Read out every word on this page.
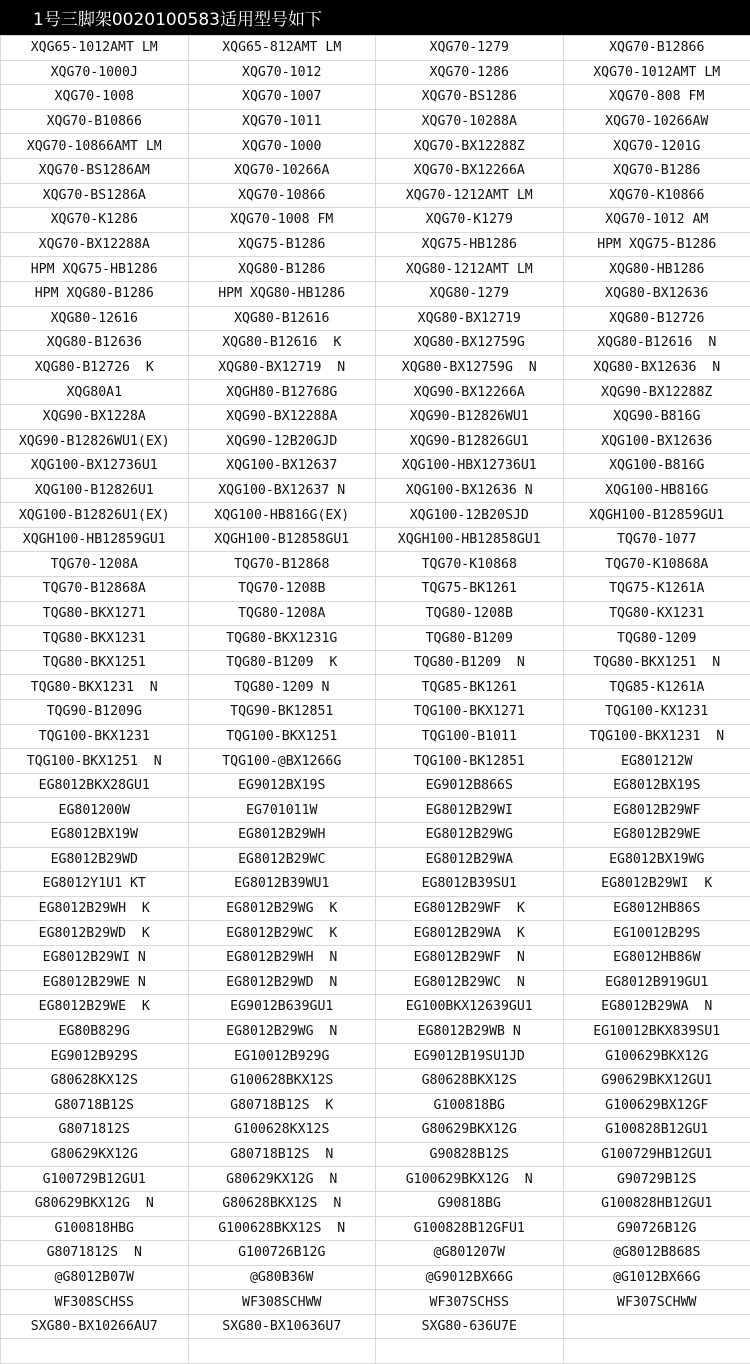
1号三脚架0020100583适用型号如下
XQG65-1012AMT LM	XQG65-812AMT LM	XQG70-1279	XQG70-B12866
XQG70-1000J	XQG70-1012	XQG70-1286	XQG70-1012AMT LM
XQG70-1008	XQG70-1007	XQG70-BS1286	XQG70-808 FM
XQG70-B10866	XQG70-1011	XQG70-10288A	XQG70-10266AW
XQG70-10866AMT LM	XQG70-1000	XQG70-BX12288Z	XQG70-1201G
XQG70-BS1286AM	XQG70-10266A	XQG70-BX12266A	XQG70-B1286
XQG70-BS1286A	XQG70-10866	XQG70-1212AMT LM	XQG70-K10866
XQG70-K1286	XQG70-1008 FM	XQG70-K1279	XQG70-1012 AM
XQG70-BX12288A	XQG75-B1286	XQG75-HB1286	HPM XQG75-B1286
HPM XQG75-HB1286	XQG80-B1286	XQG80-1212AMT LM	XQG80-HB1286
HPM XQG80-B1286	HPM XQG80-HB1286	XQG80-1279	XQG80-BX12636
XQG80-12616	XQG80-B12616	XQG80-BX12719	XQG80-B12726
XQG80-B12636	XQG80-B12616  K	XQG80-BX12759G	XQG80-B12616  N
XQG80-B12726  K	XQG80-BX12719  N	XQG80-BX12759G  N	XQG80-BX12636  N
XQG80A1	XQGH80-B12768G	XQG90-BX12266A	XQG90-BX12288Z
XQG90-BX1228A	XQG90-BX12288A	XQG90-B12826WU1	XQG90-B816G
XQG90-B12826WU1(EX)	XQG90-12B20GJD	XQG90-B12826GU1	XQG100-BX12636
XQG100-BX12736U1	XQG100-BX12637	XQG100-HBX12736U1	XQG100-B816G
XQG100-B12826U1	XQG100-BX12637 N	XQG100-BX12636 N	XQG100-HB816G
XQG100-B12826U1(EX)	XQG100-HB816G(EX)	XQG100-12B20SJD	XQGH100-B12859GU1
XQGH100-HB12859GU1	XQGH100-B12858GU1	XQGH100-HB12858GU1	TQG70-1077
TQG70-1208A	TQG70-B12868	TQG70-K10868	TQG70-K10868A
TQG70-B12868A	TQG70-1208B	TQG75-BK1261	TQG75-K1261A
TQG80-BKX1271	TQG80-1208A	TQG80-1208B	TQG80-KX1231
TQG80-BKX1231	TQG80-BKX1231G	TQG80-B1209	TQG80-1209
TQG80-BKX1251	TQG80-B1209  K	TQG80-B1209  N	TQG80-BKX1251  N
TQG80-BKX1231  N	TQG80-1209 N	TQG85-BK1261	TQG85-K1261A
TQG90-B1209G	TQG90-BK12851	TQG100-BKX1271	TQG100-KX1231
TQG100-BKX1231	TQG100-BKX1251	TQG100-B1011	TQG100-BKX1231  N
TQG100-BKX1251  N	TQG100-@BX1266G	TQG100-BK12851	EG801212W
EG8012BKX28GU1	EG9012BX19S	EG9012B866S	EG8012BX19S
EG801200W	EG701011W	EG8012B29WI	EG8012B29WF
EG8012BX19W	EG8012B29WH	EG8012B29WG	EG8012B29WE
EG8012B29WD	EG8012B29WC	EG8012B29WA	EG8012BX19WG
EG8012Y1U1 KT	EG8012B39WU1	EG8012B39SU1	EG8012B29WI  K
EG8012B29WH  K	EG8012B29WG  K	EG8012B29WF  K	EG8012HB86S
EG8012B29WD  K	EG8012B29WC  K	EG8012B29WA  K	EG10012B29S
EG8012B29WI N	EG8012B29WH  N	EG8012B29WF  N	EG8012HB86W
EG8012B29WE N	EG8012B29WD  N	EG8012B29WC  N	EG8012B919GU1
EG8012B29WE  K	EG9012B639GU1	EG100BKX12639GU1	EG8012B29WA  N
EG80B829G	EG8012B29WG  N	EG8012B29WB N	EG10012BKX839SU1
EG9012B929S	EG10012B929G	EG9012B19SU1JD	G100629BKX12G
G80628KX12S	G100628BKX12S	G80628BKX12S	G90629BKX12GU1
G80718B12S	G80718B12S  K	G100818BG	G100629BX12GF
G8071812S	G100628KX12S	G80629BKX12G	G100828B12GU1
G80629KX12G	G80718B12S  N	G90828B12S	G100729HB12GU1
G100729B12GU1	G80629KX12G  N	G100629BKX12G  N	G90729B12S
G80629BKX12G  N	G80628BKX12S  N	G90818BG	G100828HB12GU1
G100818HBG	G100628BKX12S  N	G100828B12GFU1	G90726B12G
G8071812S  N	G100726B12G	@G801207W	@G8012B868S
@G8012B07W	@G80B36W	@G9012BX66G	@G1012BX66G
WF308SCHSS	WF308SCHWW	WF307SCHSS	WF307SCHWW
SXG80-BX10266AU7	SXG80-BX10636U7	SXG80-636U7E	
